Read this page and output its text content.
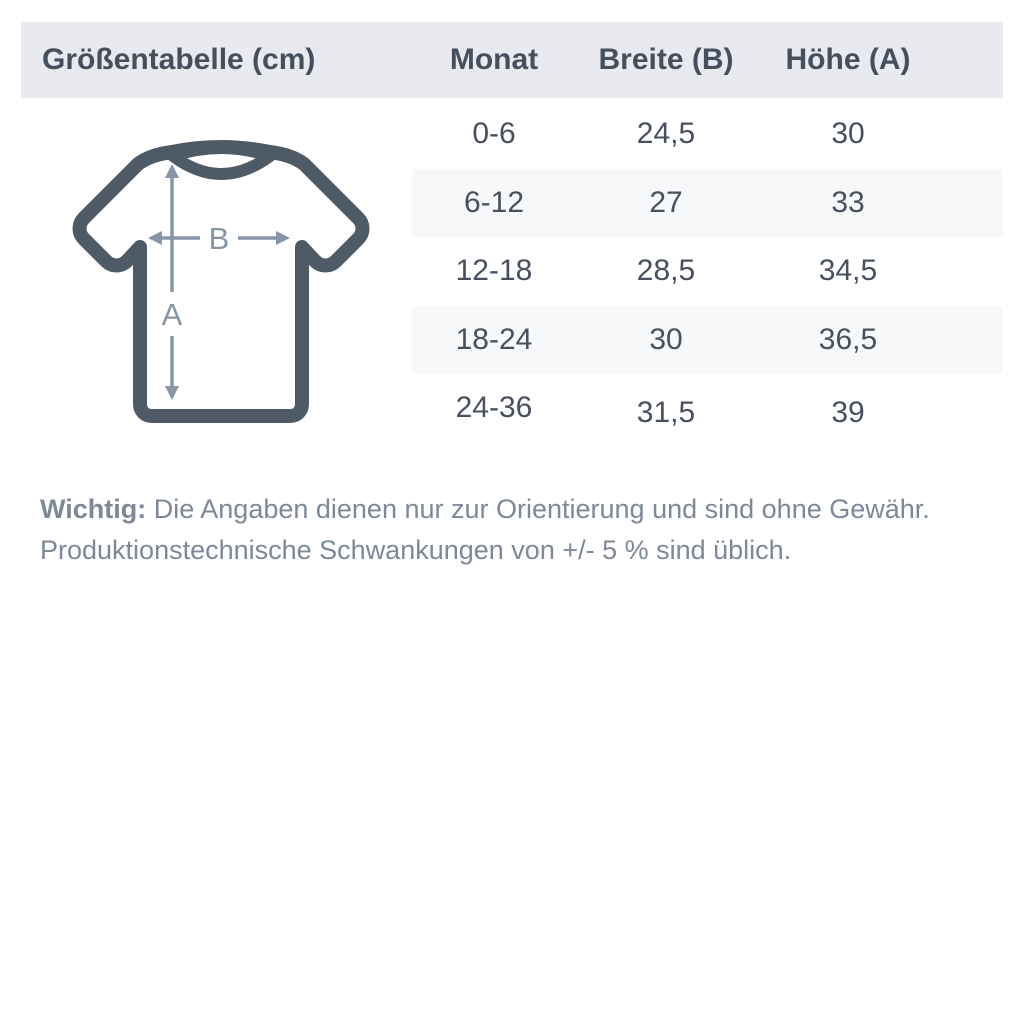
Größentabelle (cm)	Monat	Breite (B)	Höhe (A)
B
A
0-6	24,5	30
6-12	27	33
12-18	28,5	34,5
18-24	30	36,5
24-36	31,5	39

Wichtig: Die Angaben dienen nur zur Orientierung und sind ohne Gewähr.
Produktionstechnische Schwankungen von +/- 5 % sind üblich.
